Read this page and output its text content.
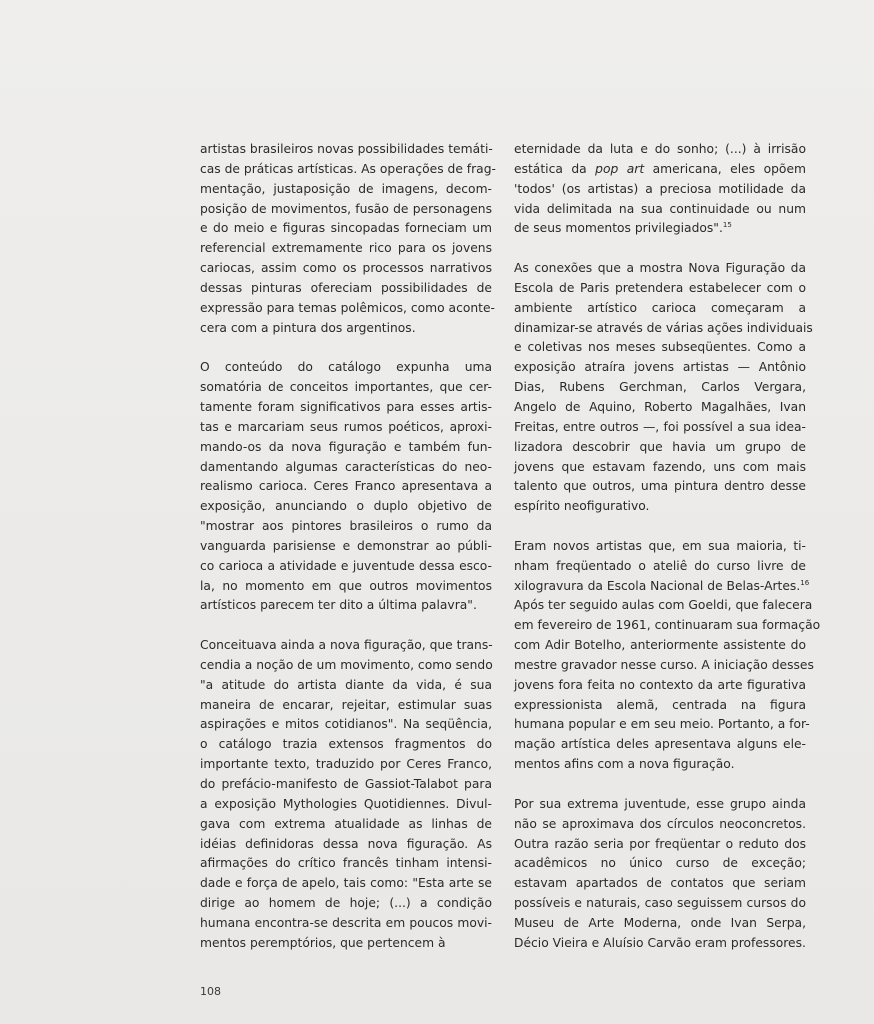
artistas brasileiros novas possibilidades temáti-
cas de práticas artísticas. As operações de frag-
mentação, justaposição de imagens, decom-
posição de movimentos, fusão de personagens
e do meio e figuras sincopadas forneciam um
referencial extremamente rico para os jovens
cariocas, assim como os processos narrativos
dessas pinturas ofereciam possibilidades de
expressão para temas polêmicos, como aconte-
cera com a pintura dos argentinos.

O conteúdo do catálogo expunha uma
somatória de conceitos importantes, que cer-
tamente foram significativos para esses artis-
tas e marcariam seus rumos poéticos, aproxi-
mando-os da nova figuração e também fun-
damentando algumas características do neo-
realismo carioca. Ceres Franco apresentava a
exposição, anunciando o duplo objetivo de
"mostrar aos pintores brasileiros o rumo da
vanguarda parisiense e demonstrar ao públi-
co carioca a atividade e juventude dessa esco-
la, no momento em que outros movimentos
artísticos parecem ter dito a última palavra".

Conceituava ainda a nova figuração, que trans-
cendia a noção de um movimento, como sendo
"a atitude do artista diante da vida, é sua
maneira de encarar, rejeitar, estimular suas
aspirações e mitos cotidianos". Na seqüência,
o catálogo trazia extensos fragmentos do
importante texto, traduzido por Ceres Franco,
do prefácio-manifesto de Gassiot-Talabot para
a exposição Mythologies Quotidiennes. Divul-
gava com extrema atualidade as linhas de
idéias definidoras dessa nova figuração. As
afirmações do crítico francês tinham intensi-
dade e força de apelo, tais como: "Esta arte se
dirige ao homem de hoje; (...) a condição
humana encontra-se descrita em poucos movi-
mentos peremptórios, que pertencem à

eternidade da luta e do sonho; (...) à irrisão
estática da pop art americana, eles opõem
'todos' (os artistas) a preciosa motilidade da
vida delimitada na sua continuidade ou num
de seus momentos privilegiados".$^{15}$

As conexões que a mostra Nova Figuração da
Escola de Paris pretendera estabelecer com o
ambiente artístico carioca começaram a
dinamizar-se através de várias ações individuais
e coletivas nos meses subseqüentes. Como a
exposição atraíra jovens artistas — Antônio
Dias, Rubens Gerchman, Carlos Vergara,
Angelo de Aquino, Roberto Magalhães, Ivan
Freitas, entre outros —, foi possível a sua idea-
lizadora descobrir que havia um grupo de
jovens que estavam fazendo, uns com mais
talento que outros, uma pintura dentro desse
espírito neofigurativo.

Eram novos artistas que, em sua maioria, ti-
nham freqüentado o ateliê do curso livre de
xilogravura da Escola Nacional de Belas-Artes.$^{16}$
Após ter seguido aulas com Goeldi, que falecera
em fevereiro de 1961, continuaram sua formação
com Adir Botelho, anteriormente assistente do
mestre gravador nesse curso. A iniciação desses
jovens fora feita no contexto da arte figurativa
expressionista alemã, centrada na figura
humana popular e em seu meio. Portanto, a for-
mação artística deles apresentava alguns ele-
mentos afins com a nova figuração.

Por sua extrema juventude, esse grupo ainda
não se aproximava dos círculos neoconcretos.
Outra razão seria por freqüentar o reduto dos
acadêmicos no único curso de exceção;
estavam apartados de contatos que seriam
possíveis e naturais, caso seguissem cursos do
Museu de Arte Moderna, onde Ivan Serpa,
Décio Vieira e Aluísio Carvão eram professores.

108
